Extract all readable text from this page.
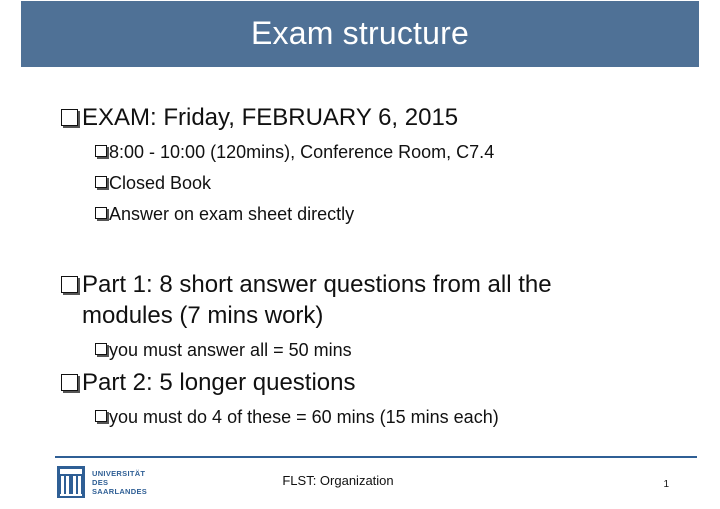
Exam structure
EXAM: Friday, FEBRUARY 6, 2015
8:00 - 10:00 (120mins), Conference Room, C7.4
Closed Book
Answer on exam sheet directly
Part 1: 8 short answer questions from all the
modules (7 mins work)
you must answer all = 50 mins
Part 2: 5 longer questions
you must do 4 of these = 60 mins (15 mins each)
UNIVERSITÄT
DES
SAARLANDES
FLST: Organization	1
